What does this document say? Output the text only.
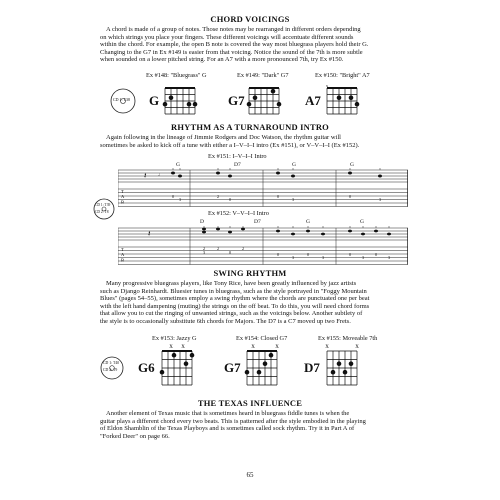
CHORD VOICINGS
A chord is made of a group of notes. Those notes may be rearranged in different orders depending
on which strings you place your fingers. These different voicings will accentuate different sounds
within the chord. For example, the open B note is covered the way most bluegrass players hold their G.
Changing to the G7 in Ex #149 is easier from that voicing. Notice the sound of the 7th is more subtle
when sounded on a lower pitched string. For an A7 with a more pronounced 7th, try Ex #150.
CD 1: T38
Ex #148: "Bluegrass" G	Ex #149: "Dark" G7	Ex #150: "Bright" A7
G	G7	A7
x
RHYTHM AS A TURNAROUND INTRO
Again following in the lineage of Jimmie Rodgers and Doc Watson, the rhythm guitar will
sometimes be asked to kick off a tune with either a I–V–I–I intro (Ex #151), or V–V–I–I (Ex #152).
CD 1: T39
CD 2: T8
Ex #151: I–V–I–I Intro
G	D7	G	G
T
A
B
𝄽 ♩
0
3
2
0
0
3
0
3
Ex #152: V–V–I–I Intro
D	D7	G	G
T
A
B
𝄽
2
3
2
0
2
0
3
0
3
0
3
0
3
SWING RHYTHM
Many progressive bluegrass players, like Tony Rice, have been greatly influenced by jazz artists
such as Django Reinhardt. Bluesier tunes in bluegrass, such as the style portrayed in "Foggy Mountain
Blues" (pages 54–55), sometimes employ a swing rhythm where the chords are punctuated one per beat
with the left hand dampening (muting) the strings on the off beat. To do this, you will need chord forms
that allow you to cut the ringing of unwanted strings, such as the voicings below. Another subtlety of
the style is to occasionally substitute 6th chords for Majors. The D7 is a C7 moved up two Frets.
CD 1: T40
CD 2: T9
Ex #153: Jazzy G	Ex #154: Closed G7	Ex #155: Moveable 7th
G6	G7	D7
X X	X	X	X	X
THE TEXAS INFLUENCE
Another element of Texas music that is sometimes heard in bluegrass fiddle tunes is when the
guitar plays a different chord every two beats. This is patterned after the style embodied in the playing
of Eldon Shamblin of the Texas Playboys and is sometimes called sock rhythm. Try it in Part A of
"Forked Deer" on page 66.
65
